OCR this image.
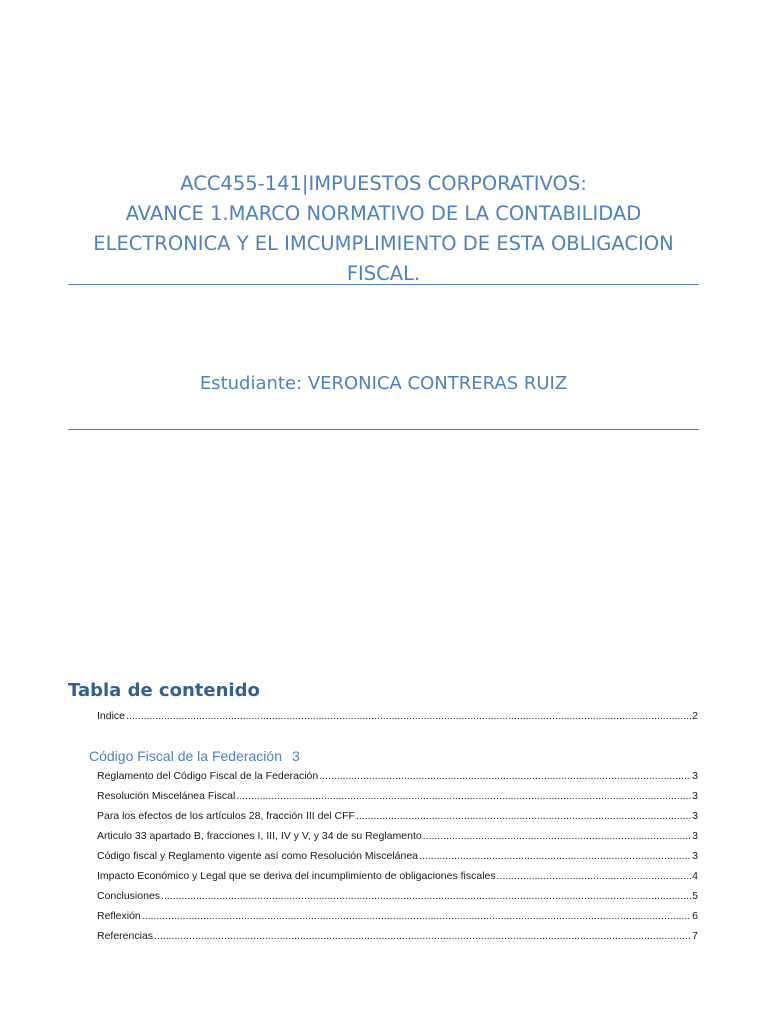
ACC455-141|IMPUESTOS CORPORATIVOS:
AVANCE 1.MARCO NORMATIVO DE LA CONTABILIDAD
ELECTRONICA Y EL IMCUMPLIMIENTO DE ESTA OBLIGACION
FISCAL.
Estudiante: VERONICA CONTRERAS RUIZ
Tabla de contenido
Indice .....	2
Código Fiscal de la Federación 3
Reglamento del Código Fiscal de la Federación .....	3
Resolución Miscelánea Fiscal .....	3
Para los efectos de los artículos 28, fracción III del CFF .....	3
Articulo 33 apartado B, fracciones I, III, IV y V, y 34 de su Reglamento .....	3
Código fiscal y Reglamento vigente así como Resolución Miscelánea .....	3
Impacto Económico y Legal que se deriva del incumplimiento de obligaciones fiscales .....	4
Conclusiones .....	5
Reflexión .....	6
Referencias .....	7
